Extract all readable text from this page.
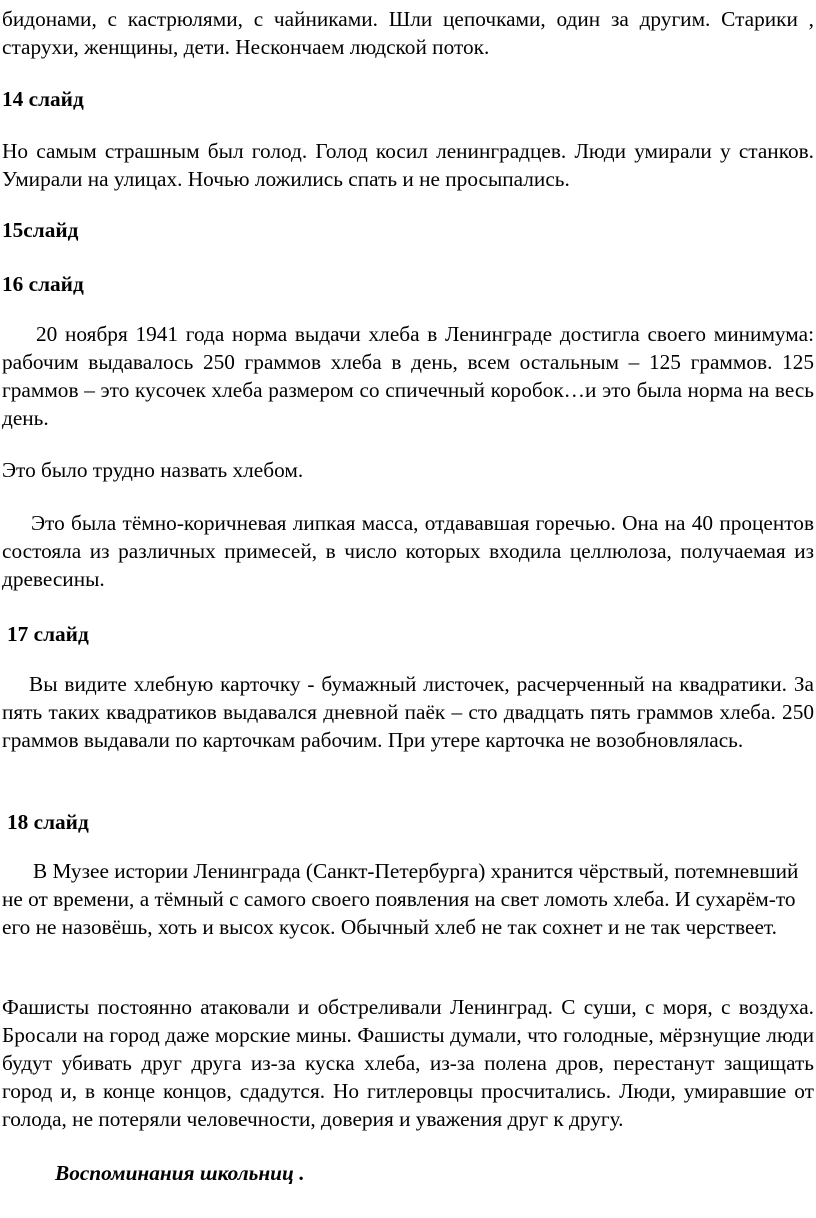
бидонами, с кастрюлями, с чайниками. Шли цепочками, один за другим. Старики , старухи, женщины, дети. Нескончаем людской поток.

14 слайд

Но самым страшным был голод. Голод косил ленинградцев. Люди умирали у станков. Умирали на улицах. Ночью ложились спать и не просыпались.

15слайд

16 слайд

20 ноября 1941 года норма выдачи хлеба в Ленинграде достигла своего минимума: рабочим выдавалось 250 граммов хлеба в день, всем остальным – 125 граммов. 125 граммов – это кусочек хлеба размером со спичечный коробок…и это была норма на весь день.

Это было трудно назвать хлебом.

Это была тёмно-коричневая липкая масса, отдававшая горечью. Она на 40 процентов состояла из различных примесей, в число которых входила целлюлоза, получаемая из древесины.

17 слайд

Вы видите хлебную карточку - бумажный листочек, расчерченный на квадратики. За пять таких квадратиков выдавался дневной паёк – сто двадцать пять граммов хлеба. 250 граммов выдавали по карточкам рабочим. При утере карточка не возобновлялась.

18 слайд

В Музее истории Ленинграда (Санкт-Петербурга) хранится чёрствый, потемневший не от времени, а тёмный с самого своего появления на свет ломоть хлеба. И сухарём-то его не назовёшь, хоть и высох кусок. Обычный хлеб не так сохнет и не так черствеет.

Фашисты постоянно атаковали и обстреливали Ленинград. С суши, с моря, с воздуха. Бросали на город даже морские мины. Фашисты думали, что голодные, мёрзнущие люди будут убивать друг друга из-за куска хлеба, из-за полена дров, перестанут защищать город и, в конце концов, сдадутся. Но гитлеровцы просчитались. Люди, умиравшие от голода, не потеряли человечности, доверия и уважения друг к другу.

Воспоминания школьниц .
